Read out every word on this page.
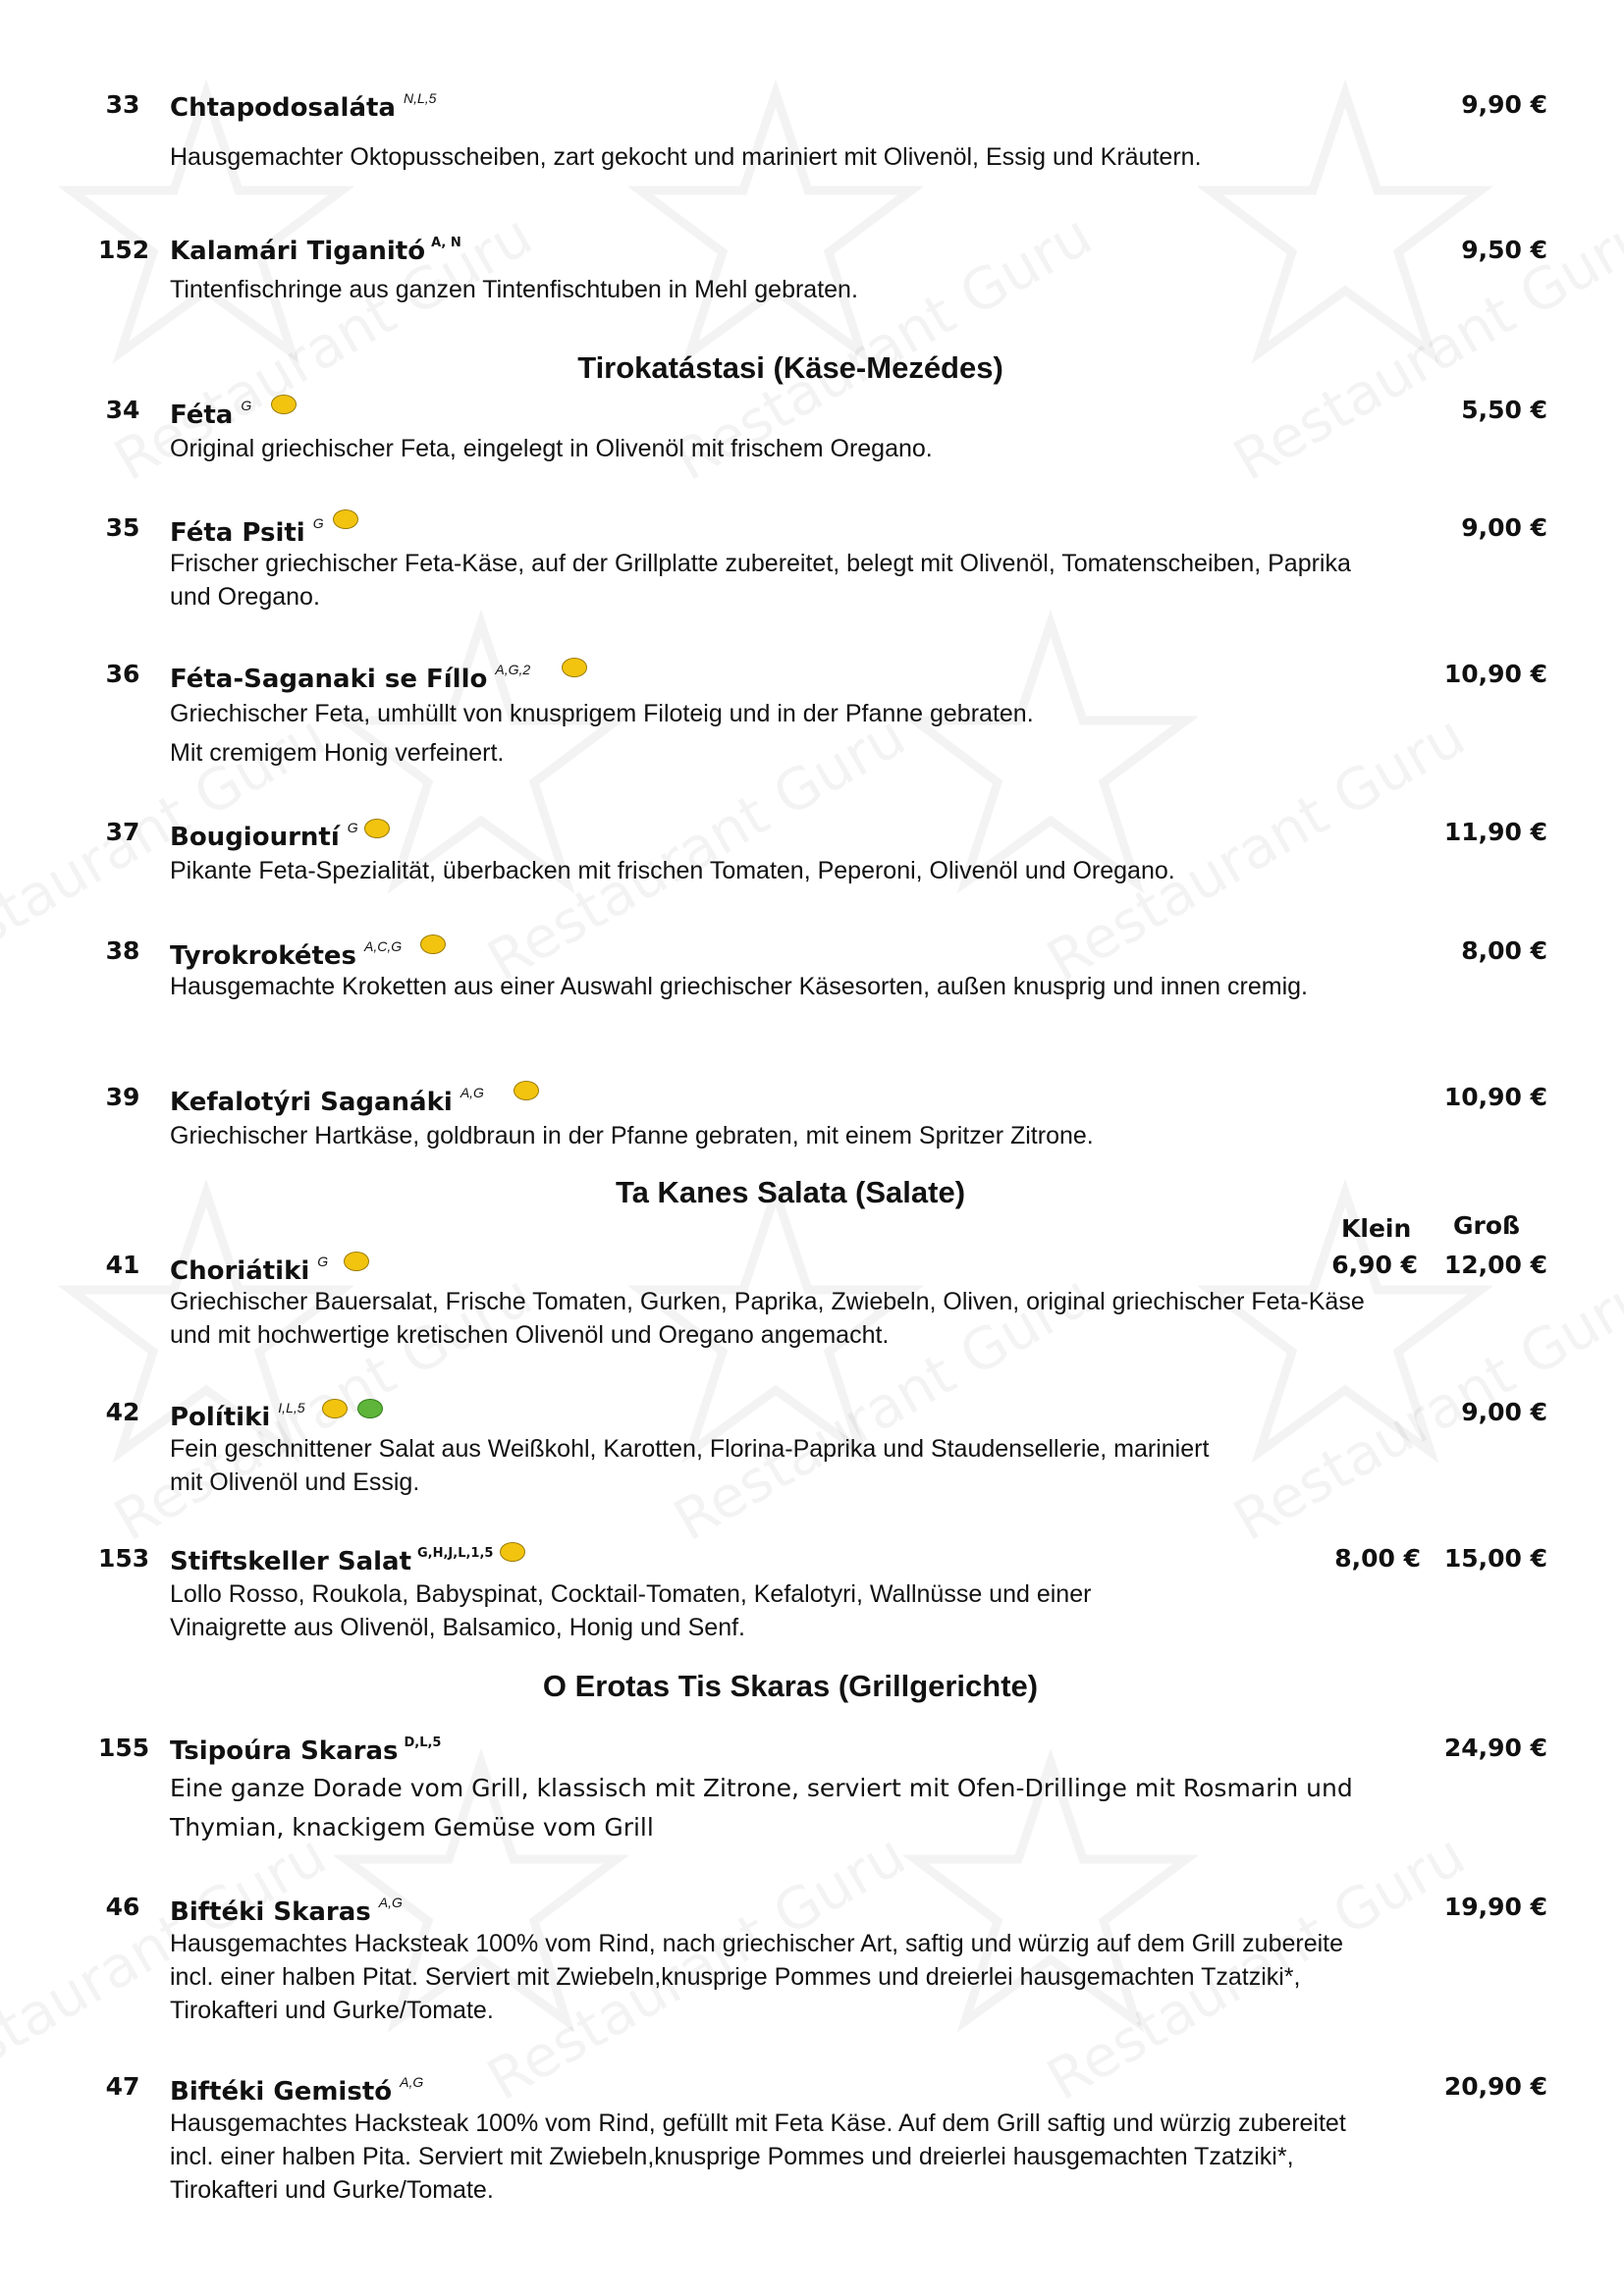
33 Chtapodosaláta $^{N,L,5}$	9,90 €
Hausgemachter Oktopusscheiben, zart gekocht und mariniert mit Olivenöl, Essig und Kräutern.
152 Kalamári Tiganitó $^{A, N}$	9,50 €
Tintenfischringe aus ganzen Tintenfischtuben in Mehl gebraten.
Tirokatástasi (Käse-Mezédes)
34 Féta $^G$	5,50 €
Original griechischer Feta, eingelegt in Olivenöl mit frischem Oregano.
35 Féta Psiti $^G$	9,00 €
Frischer griechischer Feta-Käse, auf der Grillplatte zubereitet, belegt mit Olivenöl, Tomatenscheiben, Paprika und Oregano.
36 Féta-Saganaki se Fíllo $^{A,G,2}$	10,90 €
Griechischer Feta, umhüllt von knusprigem Filoteig und in der Pfanne gebraten.
Mit cremigem Honig verfeinert.
37 Bougiourntí $^G$	11,90 €
Pikante Feta-Spezialität, überbacken mit frischen Tomaten, Peperoni, Olivenöl und Oregano.
38 Tyrokrokétes $^{A,C,G}$	8,00 €
Hausgemachte Kroketten aus einer Auswahl griechischer Käsesorten, außen knusprig und innen cremig.
39 Kefalotýri Saganáki $^{A,G}$	10,90 €
Griechischer Hartkäse, goldbraun in der Pfanne gebraten, mit einem Spritzer Zitrone.
Ta Kanes Salata (Salate)
Klein Groß
41 Choriátiki $^G$	6,90 € 12,00 €
Griechischer Bauersalat, Frische Tomaten, Gurken, Paprika, Zwiebeln, Oliven, original griechischer Feta-Käse und mit hochwertige kretischen Olivenöl und Oregano angemacht.
42 Polítiki $^{I,L,5}$	9,00 €
Fein geschnittener Salat aus Weißkohl, Karotten, Florina-Paprika und Staudensellerie, mariniert mit Olivenöl und Essig.
153 Stiftskeller Salat $^{G,H,J,L,1,5}$	8,00 € 15,00 €
Lollo Rosso, Roukola, Babyspinat, Cocktail-Tomaten, Kefalotyri, Wallnüsse und einer Vinaigrette aus Olivenöl, Balsamico, Honig und Senf.
O Erotas Tis Skaras (Grillgerichte)
155 Tsipoúra Skaras $^{D,L,5}$	24,90 €
Eine ganze Dorade vom Grill, klassisch mit Zitrone, serviert mit Ofen-Drillinge mit Rosmarin und Thymian, knackigem Gemüse vom Grill
46 Biftéki Skaras $^{A,G}$	19,90 €
Hausgemachtes Hacksteak 100% vom Rind, nach griechischer Art, saftig und würzig auf dem Grill zubereite incl. einer halben Pitat. Serviert mit Zwiebeln,knusprige Pommes und dreierlei hausgemachten Tzatziki*, Tirokafteri und Gurke/Tomate.
47 Biftéki Gemistó $^{A,G}$	20,90 €
Hausgemachtes Hacksteak 100% vom Rind, gefüllt mit Feta Käse. Auf dem Grill saftig und würzig zubereitet incl. einer halben Pita. Serviert mit Zwiebeln,knusprige Pommes und dreierlei hausgemachten Tzatziki*, Tirokafteri und Gurke/Tomate.
